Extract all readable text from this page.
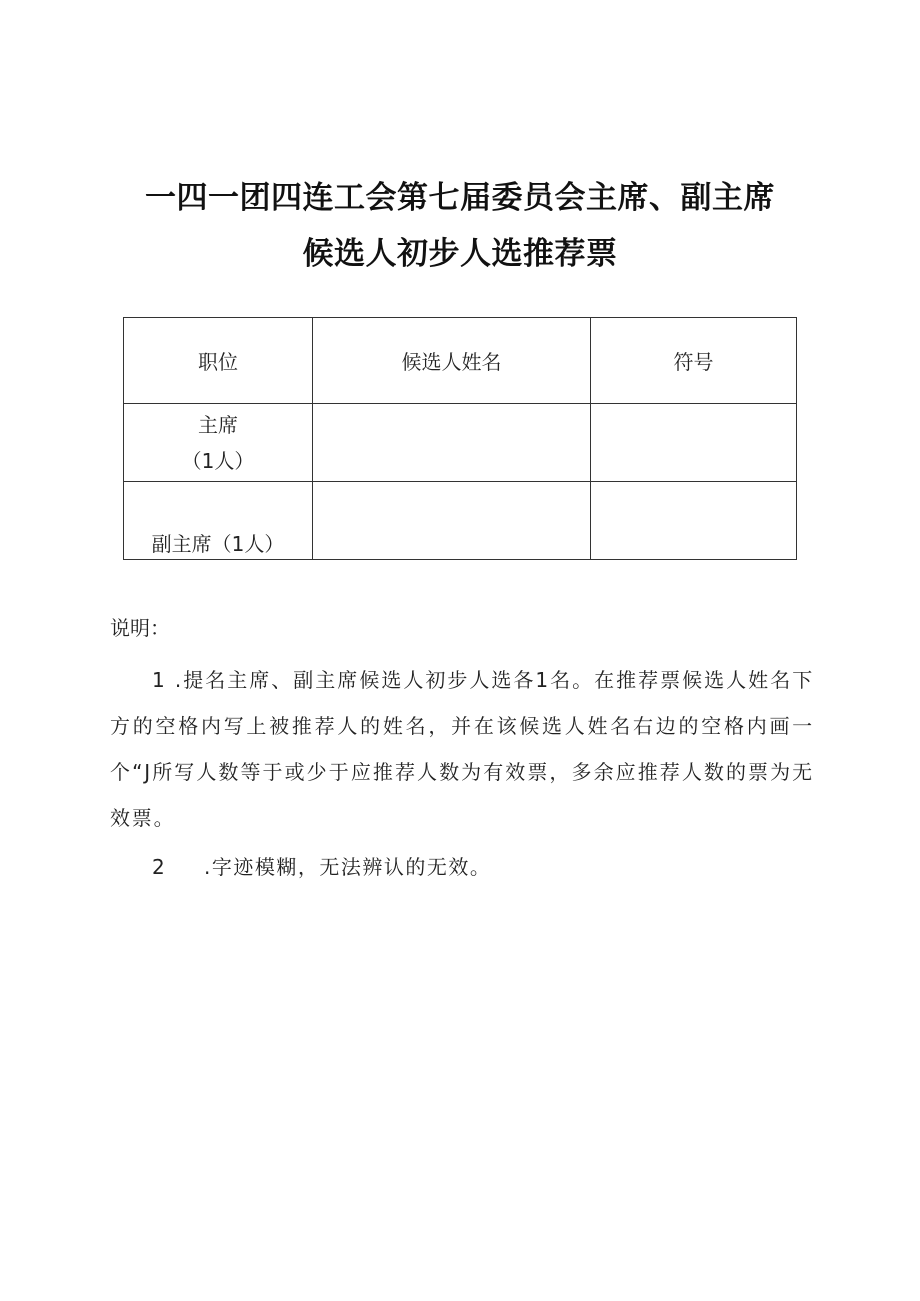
一四一团四连工会第七届委员会主席、副主席
候选人初步人选推荐票
职位	候选人姓名	符号

主席
（1人）		

副主席（1人）		

说明：

1 .提名主席、副主席候选人初步人选各1名。在推荐票候选人姓名下方的空格内写上被推荐人的姓名，并在该候选人姓名右边的空格内画一个“J所写人数等于或少于应推荐人数为有效票，多余应推荐人数的票为无效票。

2 .字迹模糊，无法辨认的无效。
